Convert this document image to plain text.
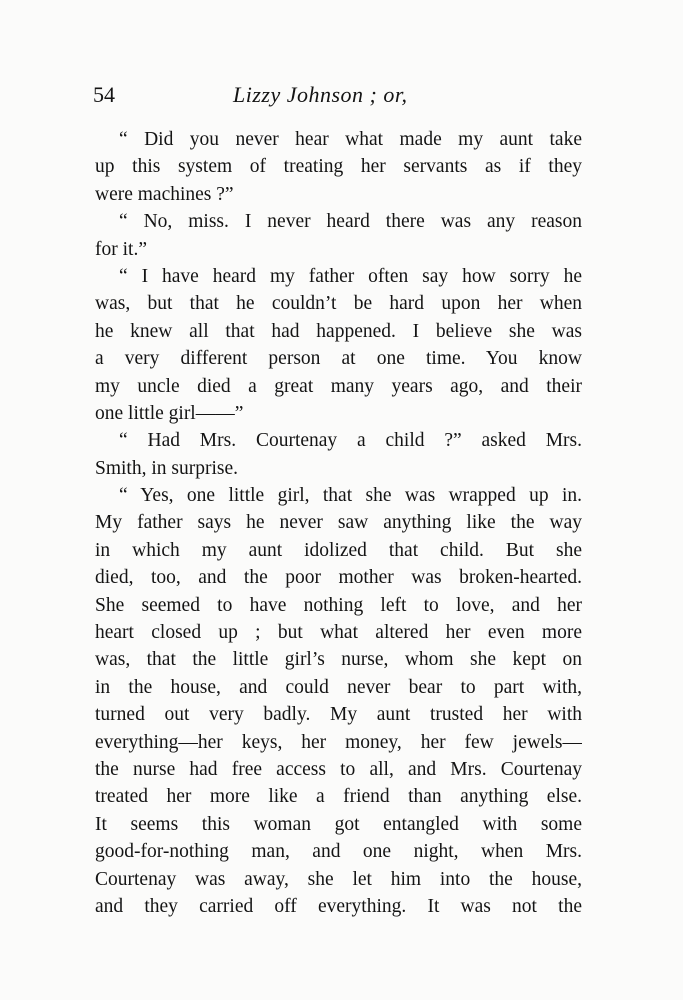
54	Lizzy Johnson ; or,
“ Did you never hear what made my aunt take
up this system of treating her servants as if they
were machines ?”
“ No, miss. I never heard there was any reason
for it.”
“ I have heard my father often say how sorry he
was, but that he couldn’t be hard upon her when
he knew all that had happened. I believe she was
a very different person at one time. You know
my uncle died a great many years ago, and their
one little girl——”
“ Had Mrs. Courtenay a child ?” asked Mrs.
Smith, in surprise.
“ Yes, one little girl, that she was wrapped up in.
My father says he never saw anything like the way
in which my aunt idolized that child. But she
died, too, and the poor mother was broken-hearted.
She seemed to have nothing left to love, and her
heart closed up ; but what altered her even more
was, that the little girl’s nurse, whom she kept on
in the house, and could never bear to part with,
turned out very badly. My aunt trusted her with
everything—her keys, her money, her few jewels—
the nurse had free access to all, and Mrs. Courtenay
treated her more like a friend than anything else.
It seems this woman got entangled with some
good-for-nothing man, and one night, when Mrs.
Courtenay was away, she let him into the house,
and they carried off everything. It was not the
